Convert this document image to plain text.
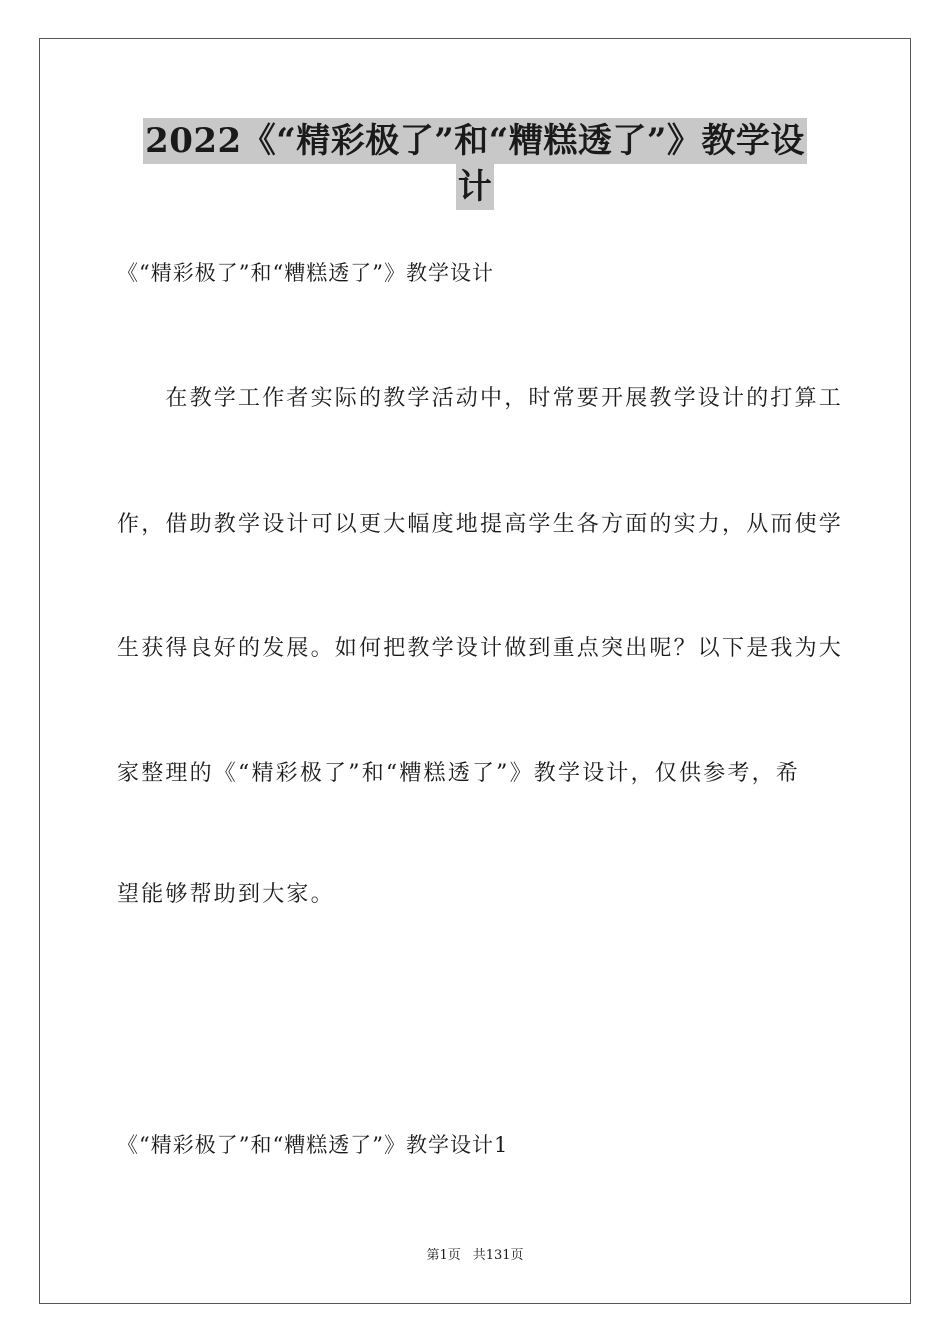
2022《“精彩极了”和“糟糕透了”》教学设
计
《“精彩极了”和“糟糕透了”》教学设计
　　在教学工作者实际的教学活动中，时常要开展教学设计的打算工
作，借助教学设计可以更大幅度地提高学生各方面的实力，从而使学
生获得良好的发展。如何把教学设计做到重点突出呢？以下是我为大
家整理的《“精彩极了”和“糟糕透了”》教学设计，仅供参考，希
望能够帮助到大家。
《“精彩极了”和“糟糕透了”》教学设计1
第1页 共131页
